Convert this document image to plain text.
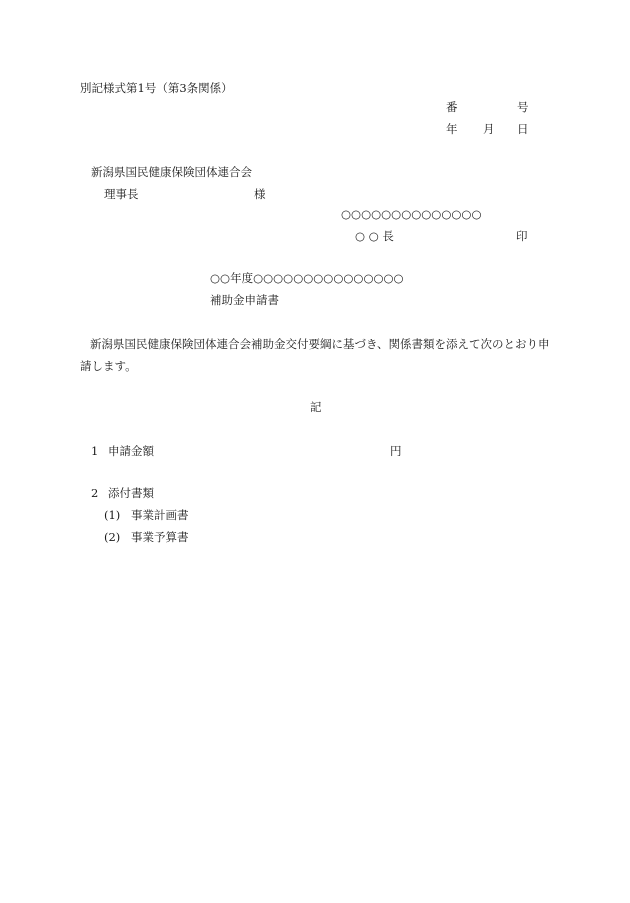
別記様式第1号（第3条関係）
番	号
年 月 日
新潟県国民健康保険団体連合会
理事長	様
○○○○○○○○○○○○○○
○ ○ 長	印
○○年度○○○○○○○○○○○○○○○
補助金申請書
新潟県国民健康保険団体連合会補助金交付要綱に基づき、関係書類を添えて次のとおり申請します。
記
1 申請金額	円
2 添付書類
(1) 事業計画書
(2) 事業予算書
